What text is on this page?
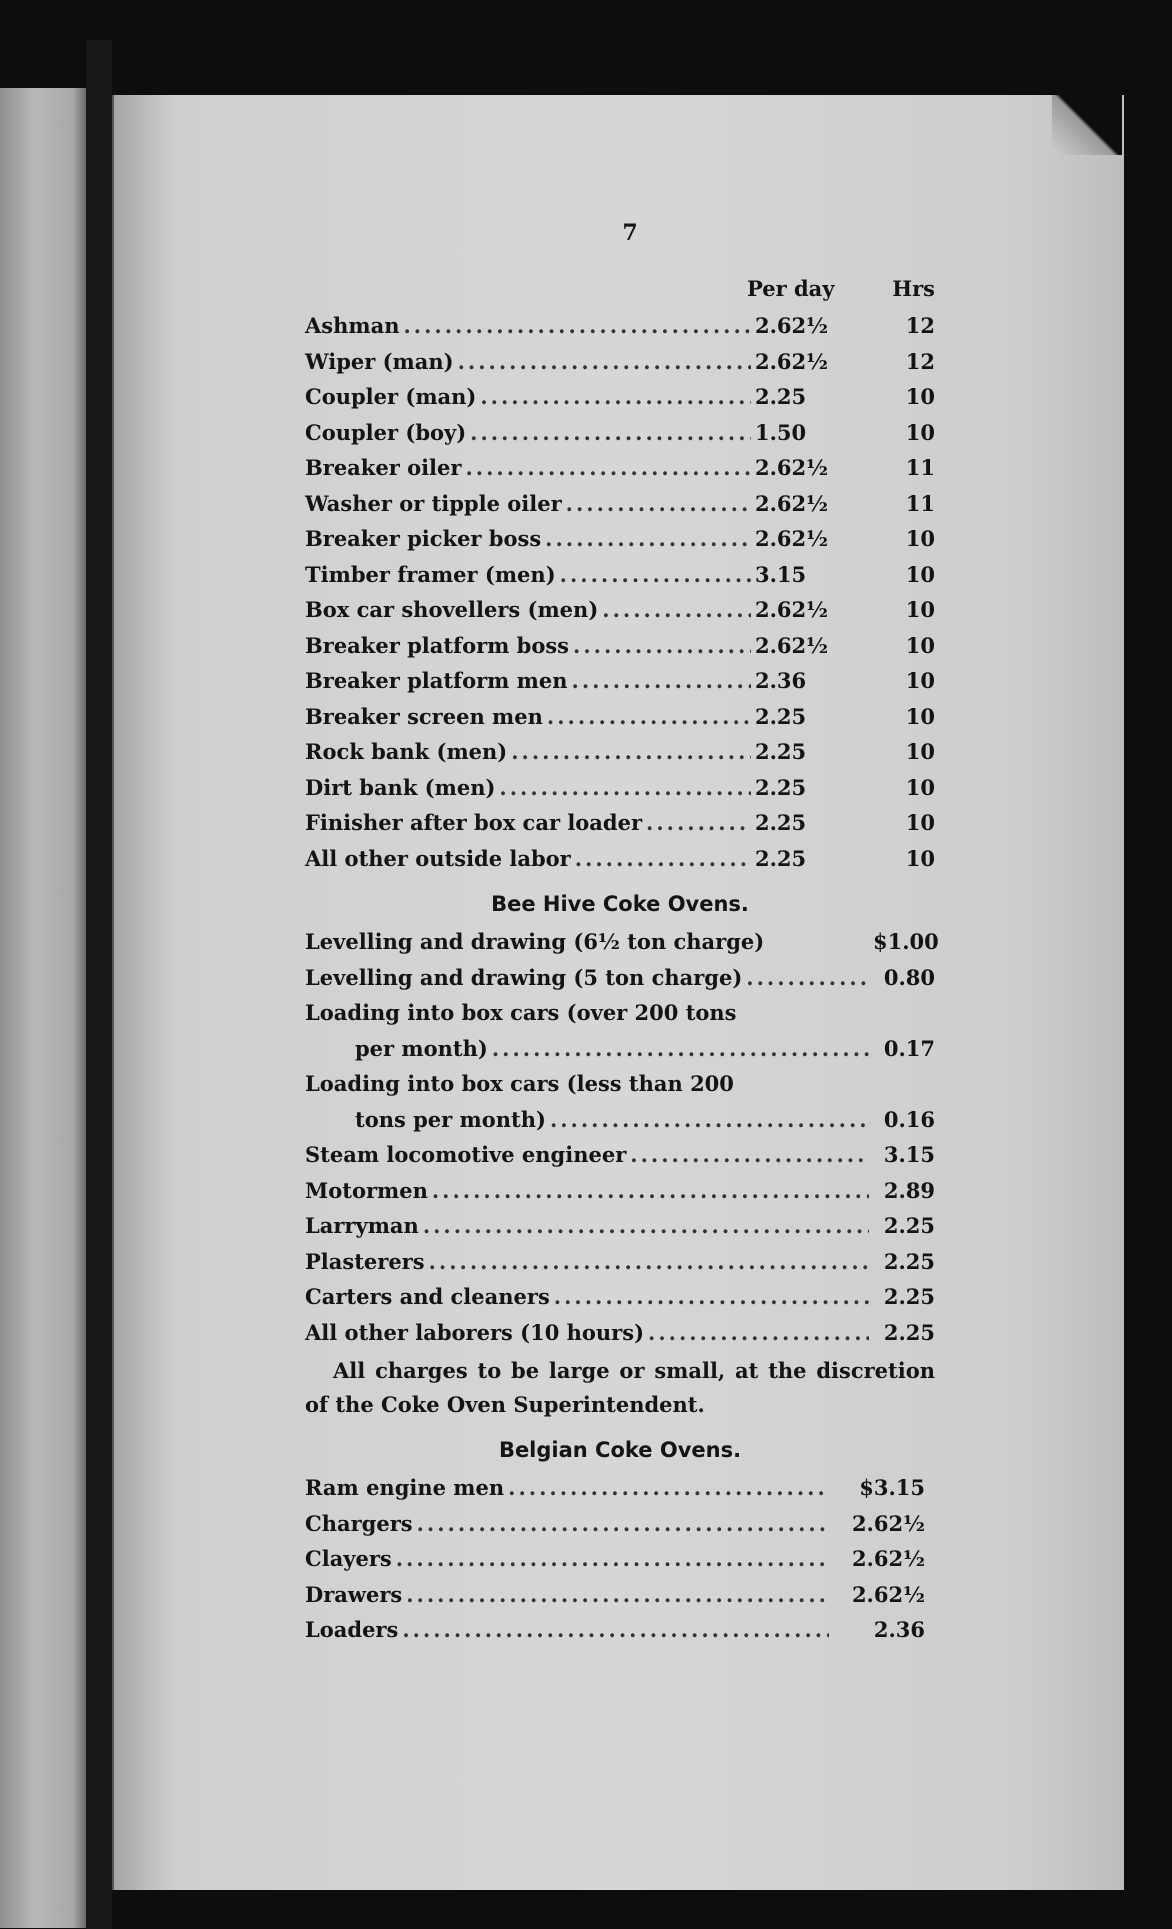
7
Per day	Hrs
Ashman .....	2.62½	12
Wiper (man) .....	2.62½	12
Coupler (man) .....	2.25	10
Coupler (boy) .....	1.50	10
Breaker oiler .....	2.62½	11
Washer or tipple oiler .....	2.62½	11
Breaker picker boss .....	2.62½	10
Timber framer (men) .....	3.15	10
Box car shovellers (men) .....	2.62½	10
Breaker platform boss .....	2.62½	10
Breaker platform men .....	2.36	10
Breaker screen men .....	2.25	10
Rock bank (men) .....	2.25	10
Dirt bank (men) .....	2.25	10
Finisher after box car loader .....	2.25	10
All other outside labor .....	2.25	10
Bee Hive Coke Ovens.
Levelling and drawing (6½ ton charge)	$1.00
Levelling and drawing (5 ton charge) .....	0.80
Loading into box cars (over 200 tons
per month) .....	0.17
Loading into box cars (less than 200
tons per month) .....	0.16
Steam locomotive engineer .....	3.15
Motormen .....	2.89
Larryman .....	2.25
Plasterers .....	2.25
Carters and cleaners .....	2.25
All other laborers (10 hours) .....	2.25
All charges to be large or small, at the discretion of the Coke Oven Superintendent.
Belgian Coke Ovens.
Ram engine men .....	$3.15
Chargers .....	2.62½
Clayers .....	2.62½
Drawers .....	2.62½
Loaders .....	2.36
